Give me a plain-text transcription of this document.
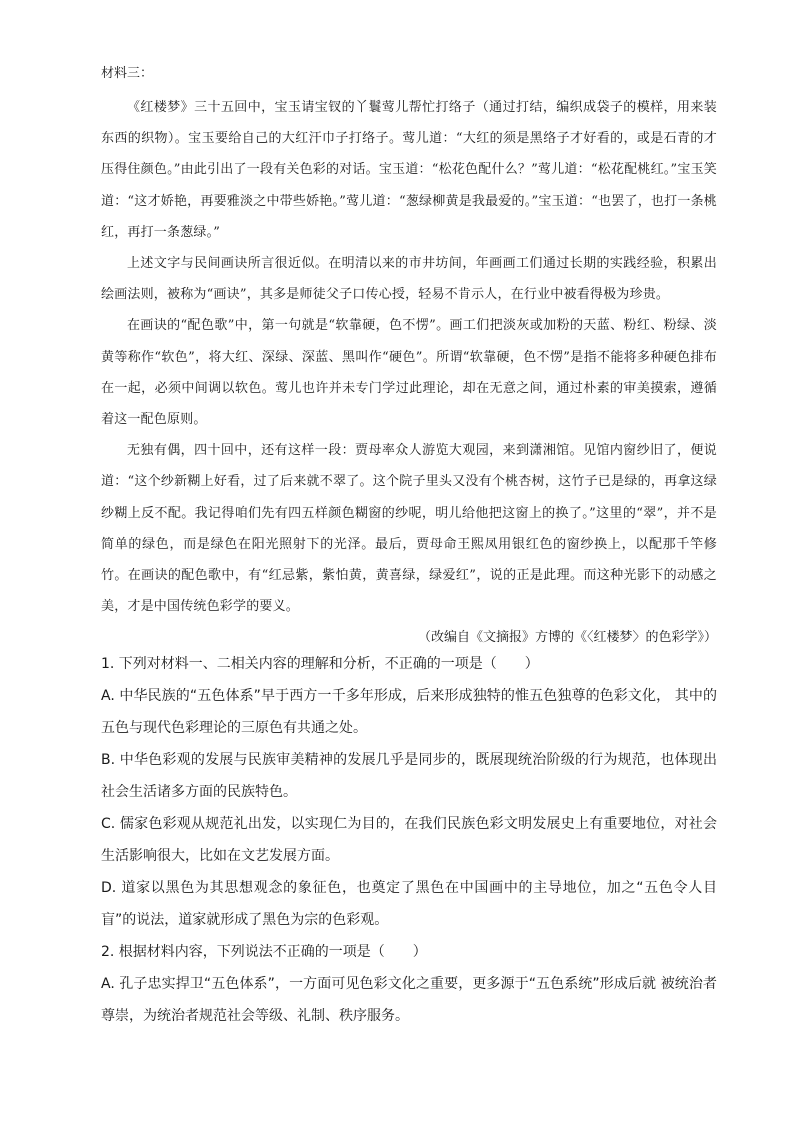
材料三：

《红楼梦》三十五回中，宝玉请宝钗的丫鬟莺儿帮忙打络子（通过打结，编织成袋子的模样，用来装东西的织物）。宝玉要给自己的大红汗巾子打络子。莺儿道：“大红的须是黑络子才好看的，或是石青的才压得住颜色。”由此引出了一段有关色彩的对话。宝玉道：“松花色配什么？”莺儿道：“松花配桃红。”宝玉笑道：“这才娇艳，再要雅淡之中带些娇艳。”莺儿道：“葱绿柳黄是我最爱的。”宝玉道：“也罢了，也打一条桃红，再打一条葱绿。”

上述文字与民间画诀所言很近似。在明清以来的市井坊间，年画画工们通过长期的实践经验，积累出绘画法则，被称为“画诀”，其多是师徒父子口传心授，轻易不肯示人，在行业中被看得极为珍贵。

在画诀的“配色歌”中，第一句就是“软靠硬，色不愣”。画工们把淡灰或加粉的天蓝、粉红、粉绿、淡黄等称作“软色”，将大红、深绿、深蓝、黑叫作“硬色”。所谓“软靠硬，色不愣”是指不能将多种硬色排布在一起，必须中间调以软色。莺儿也许并未专门学过此理论，却在无意之间，通过朴素的审美摸索，遵循着这一配色原则。

无独有偶，四十回中，还有这样一段：贾母率众人游览大观园，来到潇湘馆。见馆内窗纱旧了，便说道：“这个纱新糊上好看，过了后来就不翠了。这个院子里头又没有个桃杏树，这竹子已是绿的，再拿这绿纱糊上反不配。我记得咱们先有四五样颜色糊窗的纱呢，明儿给他把这窗上的换了。”这里的“翠”，并不是简单的绿色，而是绿色在阳光照射下的光泽。最后，贾母命王熙凤用银红色的窗纱换上，以配那千竿修竹。在画诀的配色歌中，有“红忌紫，紫怕黄，黄喜绿，绿爱红”，说的正是此理。而这种光影下的动感之美，才是中国传统色彩学的要义。

（改编自《文摘报》方博的《〈红楼梦〉的色彩学》）

1. 下列对材料一、二相关内容的理解和分析，不正确的一项是（　　）

A. 中华民族的“五色体系”早于西方一千多年形成，后来形成独特的惟五色独尊的色彩文化， 其中的五色与现代色彩理论的三原色有共通之处。

B. 中华色彩观的发展与民族审美精神的发展几乎是同步的，既展现统治阶级的行为规范，也体现出社会生活诸多方面的民族特色。

C. 儒家色彩观从规范礼出发，以实现仁为目的，在我们民族色彩文明发展史上有重要地位，对社会生活影响很大，比如在文艺发展方面。

D. 道家以黑色为其思想观念的象征色，也奠定了黑色在中国画中的主导地位，加之“五色令人目盲”的说法，道家就形成了黑色为宗的色彩观。

2. 根据材料内容，下列说法不正确的一项是（　　）

A. 孔子忠实捍卫“五色体系”，一方面可见色彩文化之重要，更多源于“五色系统”形成后就 被统治者尊崇，为统治者规范社会等级、礼制、秩序服务。
